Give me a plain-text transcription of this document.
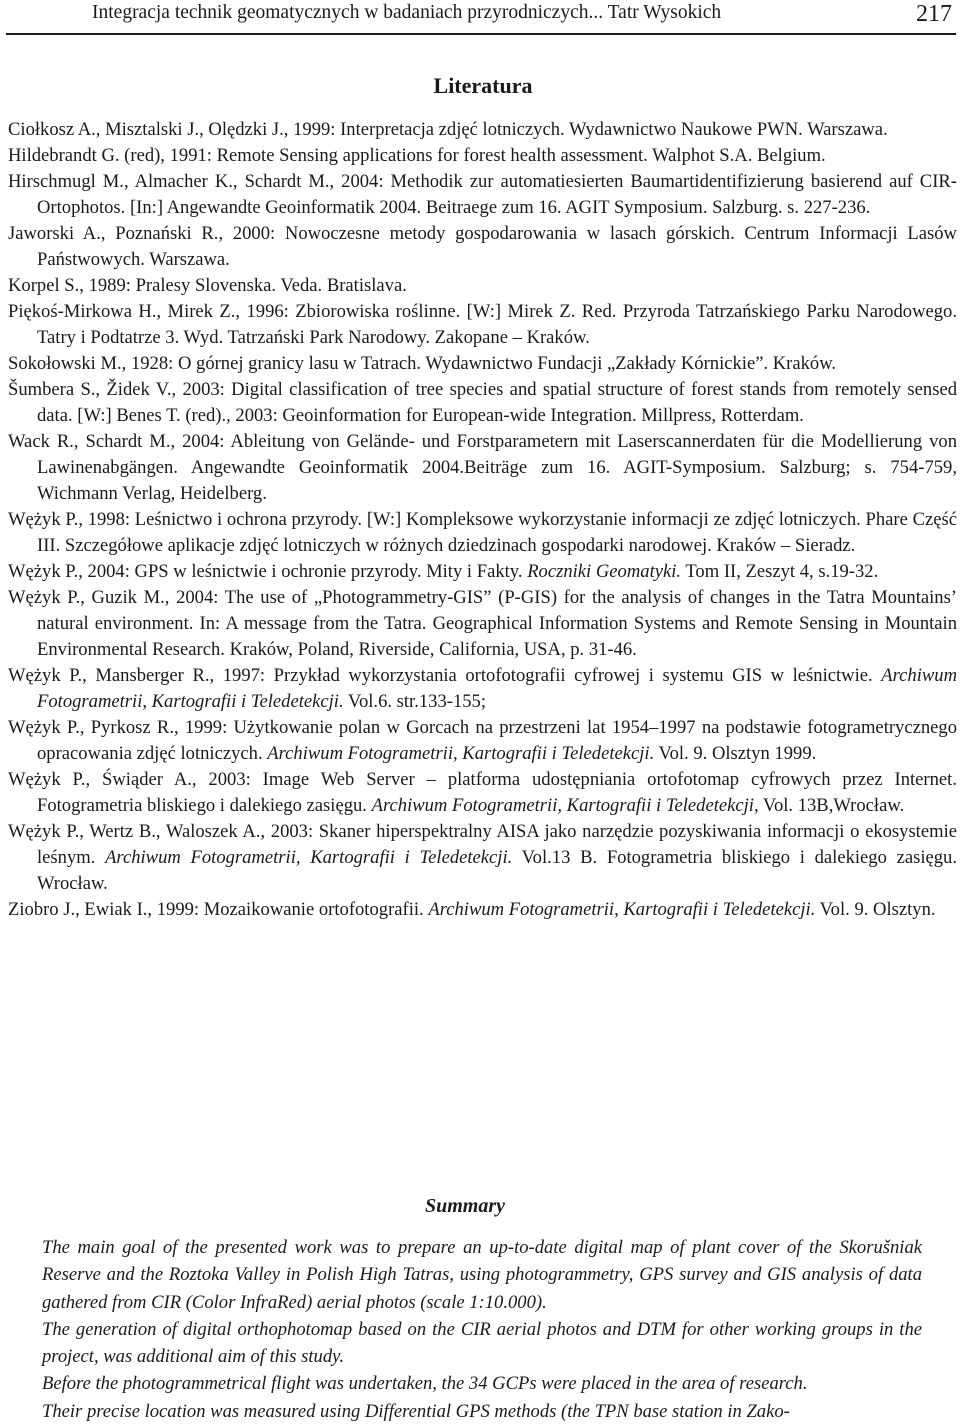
Integracja technik geomatycznych w badaniach przyrodniczych... Tatr Wysokich	217
Literatura

Ciołkosz A., Misztalski J., Olędzki J., 1999: Interpretacja zdjęć lotniczych. Wydawnictwo Naukowe PWN. Warszawa.

Hildebrandt G. (red), 1991: Remote Sensing applications for forest health assessment. Walphot S.A. Belgium.

Hirschmugl M., Almacher K., Schardt M., 2004: Methodik zur automatiesierten Baumartidentifizierung basierend auf CIR-Ortophotos. [In:] Angewandte Geoinformatik 2004. Beitraege zum 16. AGIT Symposium. Salzburg. s. 227-236.

Jaworski A., Poznański R., 2000: Nowoczesne metody gospodarowania w lasach górskich. Centrum Informacji Lasów Państwowych. Warszawa.

Korpel S., 1989: Pralesy Slovenska. Veda. Bratislava.

Piękoś-Mirkowa H., Mirek Z., 1996: Zbiorowiska roślinne. [W:] Mirek Z. Red. Przyroda Tatrzańskiego Parku Narodowego. Tatry i Podtatrze 3. Wyd. Tatrzański Park Narodowy. Zakopane – Kraków.

Sokołowski M., 1928: O górnej granicy lasu w Tatrach. Wydawnictwo Fundacji „Zakłady Kórnickie”. Kraków.

Šumbera S., Židek V., 2003: Digital classification of tree species and spatial structure of forest stands from remotely sensed data. [W:] Benes T. (red)., 2003: Geoinformation for European-wide Integration. Millpress, Rotterdam.

Wack R., Schardt M., 2004: Ableitung von Gelände- und Forstparametern mit Laserscannerdaten für die Modellierung von Lawinenabgängen. Angewandte Geoinformatik 2004.Beiträge zum 16. AGIT-Symposium. Salzburg; s. 754-759, Wichmann Verlag, Heidelberg.

Wężyk P., 1998: Leśnictwo i ochrona przyrody. [W:] Kompleksowe wykorzystanie informacji ze zdjęć lotniczych. Phare Część III. Szczegółowe aplikacje zdjęć lotniczych w różnych dziedzinach gospodarki narodowej. Kraków – Sieradz.

Wężyk P., 2004: GPS w leśnictwie i ochronie przyrody. Mity i Fakty. Roczniki Geomatyki. Tom II, Zeszyt 4, s.19-32.

Wężyk P., Guzik M., 2004: The use of „Photogrammetry-GIS” (P-GIS) for the analysis of changes in the Tatra Mountains’ natural environment. In: A message from the Tatra. Geographical Information Systems and Remote Sensing in Mountain Environmental Research. Kraków, Poland, Riverside, California, USA, p. 31-46.

Wężyk P., Mansberger R., 1997: Przykład wykorzystania ortofotografii cyfrowej i systemu GIS w leśnictwie. Archiwum Fotogrametrii, Kartografii i Teledetekcji. Vol.6. str.133-155;

Wężyk P., Pyrkosz R., 1999: Użytkowanie polan w Gorcach na przestrzeni lat 1954–1997 na podstawie fotogrametrycznego opracowania zdjęć lotniczych. Archiwum Fotogrametrii, Kartografii i Teledetekcji. Vol. 9. Olsztyn 1999.

Wężyk P., Świąder A., 2003: Image Web Server – platforma udostępniania ortofotomap cyfrowych przez Internet. Fotogrametria bliskiego i dalekiego zasięgu. Archiwum Fotogrametrii, Kartografii i Teledetekcji, Vol. 13B,Wrocław.

Wężyk P., Wertz B., Waloszek A., 2003: Skaner hiperspektralny AISA jako narzędzie pozyskiwania informacji o ekosystemie leśnym. Archiwum Fotogrametrii, Kartografii i Teledetekcji. Vol.13 B. Fotogrametria bliskiego i dalekiego zasięgu. Wrocław.

Ziobro J., Ewiak I., 1999: Mozaikowanie ortofotografii. Archiwum Fotogrametrii, Kartografii i Teledetekcji. Vol. 9. Olsztyn.

Summary

The main goal of the presented work was to prepare an up-to-date digital map of plant cover of the Skorušniak Reserve and the Roztoka Valley in Polish High Tatras, using photogrammetry, GPS survey and GIS analysis of data gathered from CIR (Color InfraRed) aerial photos (scale 1:10.000).

The generation of digital orthophotomap based on the CIR aerial photos and DTM for other working groups in the project, was additional aim of this study.

Before the photogrammetrical flight was undertaken, the 34 GCPs were placed in the area of research.

Their precise location was measured using Differential GPS methods (the TPN base station in Zako-
